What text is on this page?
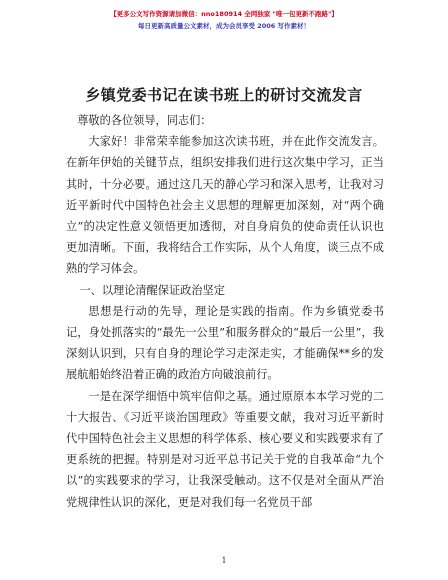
【更多公文写作资源请加微信：nno180914 全网独家 "唯一包更新不跑路"】
每日更新高质量公文素材，成为会员享受 2006 写作素材！
乡镇党委书记在读书班上的研讨交流发言

尊敬的各位领导，同志们：

大家好！非常荣幸能参加这次读书班，并在此作交流发言。在新年伊始的关键节点，组织安排我们进行这次集中学习，正当其时，十分必要。通过这几天的静心学习和深入思考，让我对习近平新时代中国特色社会主义思想的理解更加深刻，对“两个确立”的决定性意义领悟更加透彻，对自身肩负的使命责任认识也更加清晰。下面，我将结合工作实际，从个人角度，谈三点不成熟的学习体会。

一、以理论清醒保证政治坚定

思想是行动的先导，理论是实践的指南。作为乡镇党委书记，身处抓落实的“最先一公里”和服务群众的“最后一公里”，我深刻认识到，只有自身的理论学习走深走实，才能确保**乡的发展航船始终沿着正确的政治方向破浪前行。

一是在深学细悟中筑牢信仰之基。通过原原本本学习党的二十大报告、《习近平谈治国理政》等重要文献，我对习近平新时代中国特色社会主义思想的科学体系、核心要义和实践要求有了更系统的把握。特别是对习近平总书记关于党的自我革命“九个以”的实践要求的学习，让我深受触动。这不仅是对全面从严治党规律性认识的深化，更是对我们每一名党员干部

1
